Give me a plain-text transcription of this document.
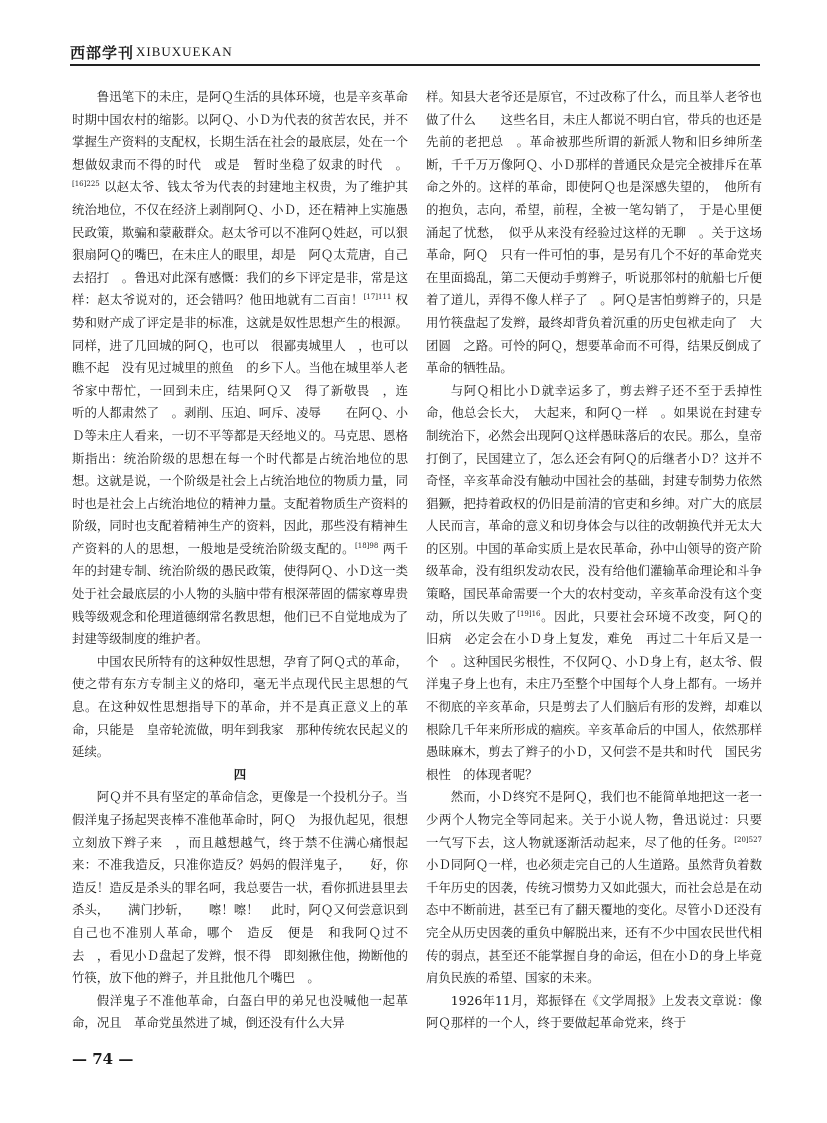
西部学刊 XIBUXUEKAN

鲁迅笔下的未庄，是阿Ｑ生活的具体环境，也是辛亥革命时期中国农村的缩影。以阿Ｑ、小Ｄ为代表的贫苦农民，并不掌握生产资料的支配权，长期生活在社会的最底层，处在一个　想做奴隶而不得的时代　或是　暂时坐稳了奴隶的时代　。$^{[16]225}$ 以赵太爷、钱太爷为代表的封建地主权贵，为了维护其统治地位，不仅在经济上剥削阿Ｑ、小Ｄ，还在精神上实施愚民政策，欺骗和蒙蔽群众。赵太爷可以不准阿Ｑ姓赵，可以狠狠扇阿Ｑ的嘴巴，在未庄人的眼里，却是　阿Ｑ太荒唐，自己去招打　。鲁迅对此深有感慨：我们的乡下评定是非，常是这样：赵太爷说对的，还会错吗？他田地就有二百亩！$^{[17]111}$ 权势和财产成了评定是非的标准，这就是奴性思想产生的根源。同样，进了几回城的阿Ｑ，也可以　很鄙夷城里人　，也可以瞧不起　没有见过城里的煎鱼　的乡下人。当他在城里举人老爷家中帮忙，一回到未庄，结果阿Ｑ又　得了新敬畏　，连　听的人都肃然了　。剥削、压迫、呵斥、凌辱　　在阿Ｑ、小Ｄ等未庄人看来，一切不平等都是天经地义的。马克思、恩格斯指出：统治阶级的思想在每一个时代都是占统治地位的思想。这就是说，一个阶级是社会上占统治地位的物质力量，同时也是社会上占统治地位的精神力量。支配着物质生产资料的阶级，同时也支配着精神生产的资料，因此，那些没有精神生产资料的人的思想，一般地是受统治阶级支配的。$^{[18]98}$ 两千年的封建专制、统治阶级的愚民政策，使得阿Ｑ、小Ｄ这一类处于社会最底层的小人物的头脑中带有根深蒂固的儒家尊卑贵贱等级观念和伦理道德纲常名教思想，他们已不自觉地成为了封建等级制度的维护者。

中国农民所特有的这种奴性思想，孕育了阿Ｑ式的革命，使之带有东方专制主义的烙印，毫无半点现代民主思想的气息。在这种奴性思想指导下的革命，并不是真正意义上的革命，只能是　皇帝轮流做，明年到我家　那种传统农民起义的延续。

四

阿Ｑ并不具有坚定的革命信念，更像是一个投机分子。当假洋鬼子扬起哭丧棒不准他革命时，阿Ｑ　为报仇起见，很想立刻放下辫子来　，而且越想越气，终于禁不住满心痛恨起来：不准我造反，只准你造反？妈妈的假洋鬼子，　　好，你造反！造反是杀头的罪名呵，我总要告一状，看你抓进县里去杀头，　　满门抄斩，　　嚓！嚓！　此时，阿Ｑ又何尝意识到自己也不准别人革命，哪个　造反　便是　和我阿Ｑ过不去　，看见小Ｄ盘起了发辫，恨不得　即刻揪住他，拗断他的竹筷，放下他的辫子，并且批他几个嘴巴　。

假洋鬼子不准他革命，白盔白甲的弟兄也没喊他一起革命，况且　革命党虽然进了城，倒还没有什么大异

样。知县大老爷还是原官，不过改称了什么，而且举人老爷也做了什么　　这些名目，未庄人都说不明白官，带兵的也还是先前的老把总　。革命被那些所谓的新派人物和旧乡绅所垄断，千千万万像阿Ｑ、小Ｄ那样的普通民众是完全被排斥在革命之外的。这样的革命，即使阿Ｑ也是深感失望的，　他所有的抱负，志向，希望，前程，全被一笔勾销了，　于是心里便涌起了忧愁，　似乎从来没有经验过这样的无聊　。关于这场革命，阿Ｑ　只有一件可怕的事，是另有几个不好的革命党夹在里面捣乱，第二天便动手剪辫子，听说那邻村的航船七斤便着了道儿，弄得不像人样子了　。阿Ｑ是害怕剪辫子的，只是用竹筷盘起了发辫，最终却背负着沉重的历史包袱走向了　大团圆　之路。可怜的阿Ｑ，想要革命而不可得，结果反倒成了革命的牺牲品。

与阿Ｑ相比小Ｄ就幸运多了，剪去辫子还不至于丢掉性命，他总会长大，　大起来，和阿Ｑ一样　。如果说在封建专制统治下，必然会出现阿Ｑ这样愚昧落后的农民。那么，皇帝打倒了，民国建立了，怎么还会有阿Ｑ的后继者小Ｄ？这并不奇怪，辛亥革命没有触动中国社会的基础，封建专制势力依然猖獗，把持着政权的仍旧是前清的官吏和乡绅。对广大的底层人民而言，革命的意义和切身体会与以往的改朝换代并无太大的区别。中国的革命实质上是农民革命，孙中山领导的资产阶级革命，没有组织发动农民，没有给他们灌输革命理论和斗争策略，国民革命需要一个大的农村变动，辛亥革命没有这个变动，所以失败了$^{[19]16}$。因此，只要社会环境不改变，阿Ｑ的　旧病　必定会在小Ｄ身上复发，难免　再过二十年后又是一个　。这种国民劣根性，不仅阿Ｑ、小Ｄ身上有，赵太爷、假洋鬼子身上也有，未庄乃至整个中国每个人身上都有。一场并不彻底的辛亥革命，只是剪去了人们脑后有形的发辫，却难以根除几千年来所形成的痼疾。辛亥革命后的中国人，依然那样愚昧麻木，剪去了辫子的小Ｄ，又何尝不是共和时代　国民劣根性　的体现者呢？

然而，小Ｄ终究不是阿Ｑ，我们也不能简单地把这一老一少两个人物完全等同起来。关于小说人物，鲁迅说过：只要　一气写下去，这人物就逐渐活动起来，尽了他的任务。$^{[20]527}$ 小Ｄ同阿Ｑ一样，也必须走完自己的人生道路。虽然背负着数千年历史的因袭，传统习惯势力又如此强大，而社会总是在动态中不断前进，甚至已有了翻天覆地的变化。尽管小Ｄ还没有完全从历史因袭的重负中解脱出来，还有不少中国农民世代相传的弱点，甚至还不能掌握自身的命运，但在小Ｄ的身上毕竟肩负民族的希望、国家的未来。

1926年11月，郑振铎在《文学周报》上发表文章说：像阿Ｑ那样的一个人，终于要做起革命党来，终于

— 74 —
